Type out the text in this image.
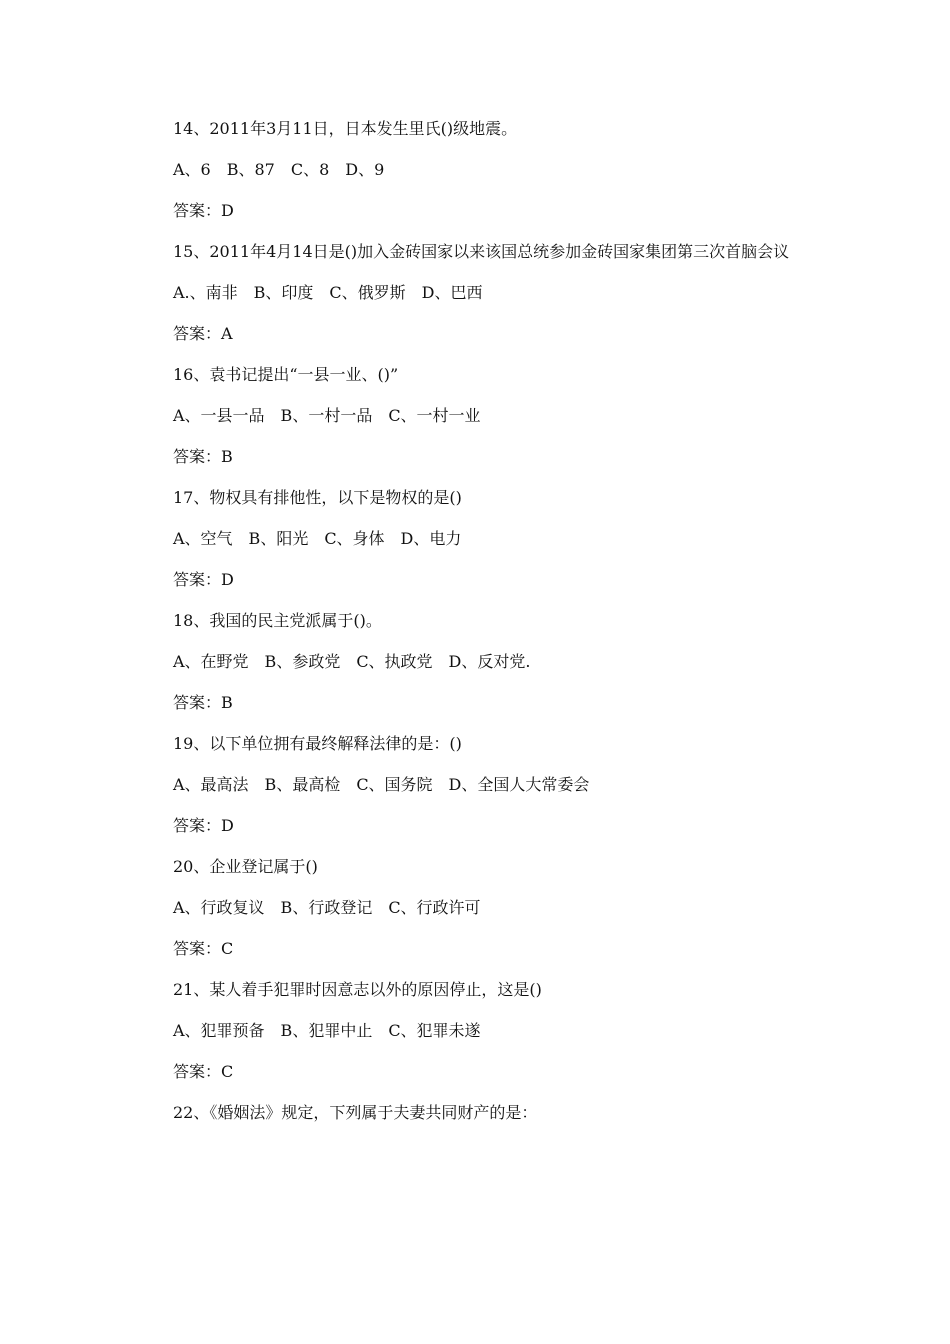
14、2011年3月11日，日本发生里氏()级地震。

A、6　B、87　C、8　D、9

答案：D

15、2011年4月14日是()加入金砖国家以来该国总统参加金砖国家集团第三次首脑会议

A.、南非　B、印度　C、俄罗斯　D、巴西

答案：A

16、袁书记提出“一县一业、()”

A、一县一品　B、一村一品　C、一村一业

答案：B

17、物权具有排他性，以下是物权的是()

A、空气　B、阳光　C、身体　D、电力

答案：D

18、我国的民主党派属于()。

A、在野党　B、参政党　C、执政党　D、反对党.

答案：B

19、以下单位拥有最终解释法律的是：()

A、最高法　B、最高检　C、国务院　D、全国人大常委会

答案：D

20、企业登记属于()

A、行政复议　B、行政登记　C、行政许可

答案：C

21、某人着手犯罪时因意志以外的原因停止，这是()

A、犯罪预备　B、犯罪中止　C、犯罪未遂

答案：C

22、《婚姻法》规定，下列属于夫妻共同财产的是：
